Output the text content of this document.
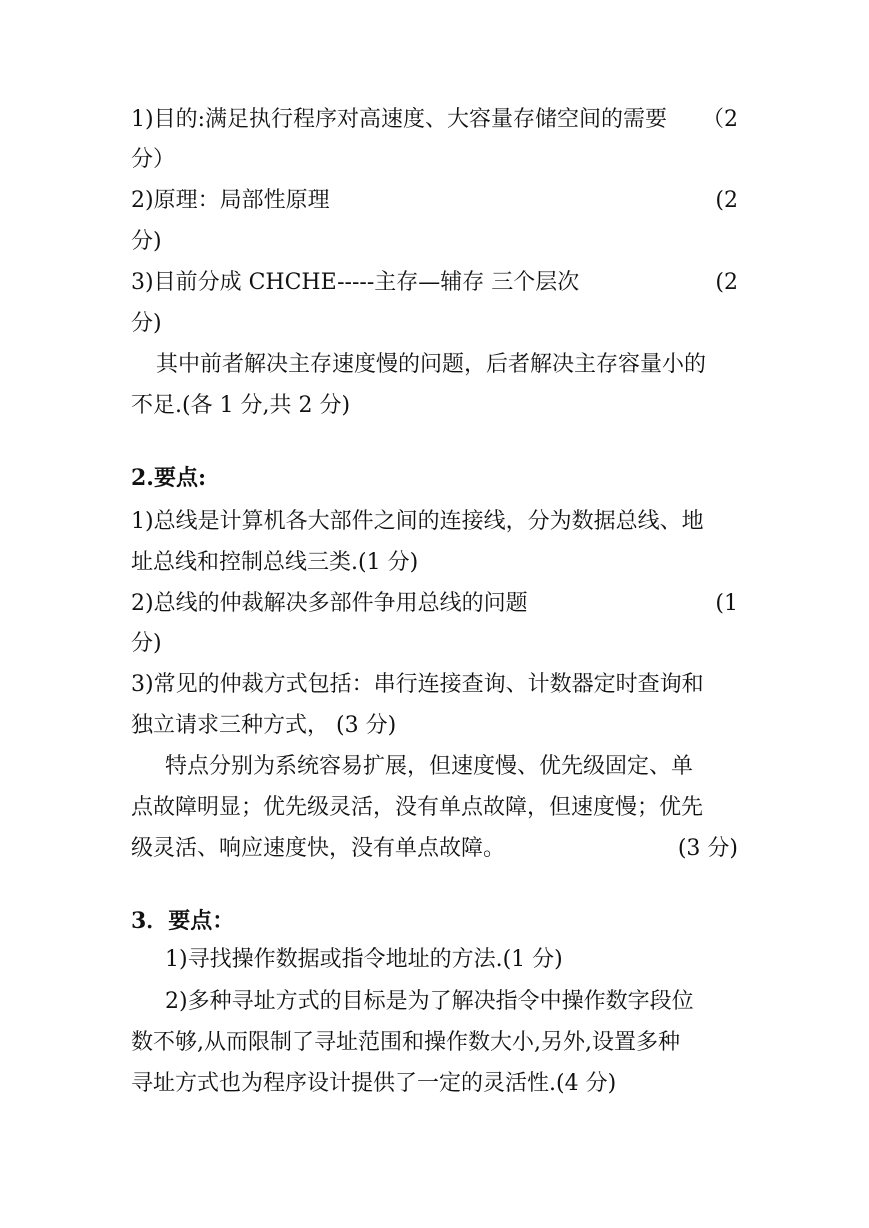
1)目的:满足执行程序对高速度、大容量存储空间的需要 （2
分）
2)原理：局部性原理	(2
分)
3)目前分成 CHCHE-----主存—辅存 三个层次	(2
分)
其中前者解决主存速度慢的问题，后者解决主存容量小的
不足.(各 1 分,共 2 分)
2.要点:
1)总线是计算机各大部件之间的连接线，分为数据总线、地
址总线和控制总线三类.(1 分)
2)总线的仲裁解决多部件争用总线的问题	(1
分)
3)常见的仲裁方式包括：串行连接查询、计数器定时查询和
独立请求三种方式， (3 分)
特点分别为系统容易扩展，但速度慢、优先级固定、单
点故障明显；优先级灵活，没有单点故障，但速度慢；优先
级灵活、响应速度快，没有单点故障。	(3 分)
3．要点：
1)寻找操作数据或指令地址的方法.(1 分)
2)多种寻址方式的目标是为了解决指令中操作数字段位
数不够,从而限制了寻址范围和操作数大小,另外,设置多种
寻址方式也为程序设计提供了一定的灵活性.(4 分)
